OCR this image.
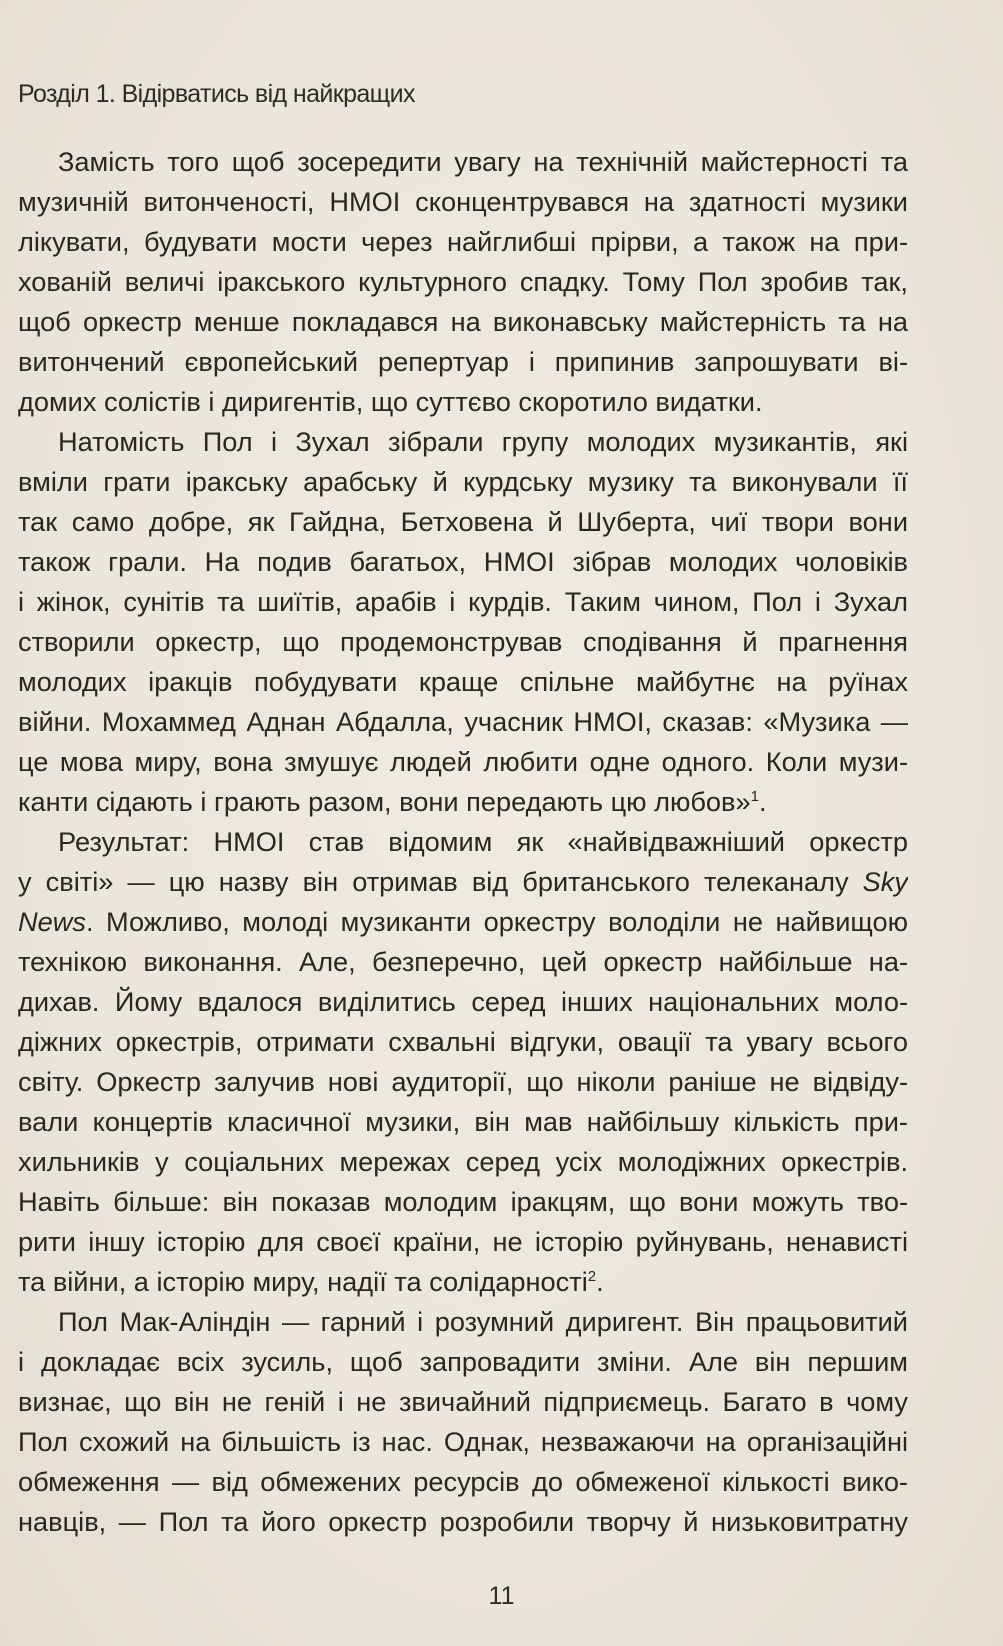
Розділ 1. Відірватись від найкращих
Замість того щоб зосередити увагу на технічній майстерності та
музичній витонченості, НМОІ сконцентрувався на здатності музики
лікувати, будувати мости через найглибші прірви, а також на при-
хованій величі іракського культурного спадку. Тому Пол зробив так,
щоб оркестр менше покладався на виконавську майстерність та на
витончений європейський репертуар і припинив запрошувати ві-
домих солістів і диригентів, що суттєво скоротило видатки.
Натомість Пол і Зухал зібрали групу молодих музикантів, які
вміли грати іракську арабську й курдську музику та виконували її
так само добре, як Гайдна, Бетховена й Шуберта, чиї твори вони
також грали. На подив багатьох, НМОІ зібрав молодих чоловіків
і жінок, сунітів та шиїтів, арабів і курдів. Таким чином, Пол і Зухал
створили оркестр, що продемонстрував сподівання й прагнення
молодих іракців побудувати краще спільне майбутнє на руїнах
війни. Мохаммед Аднан Абдалла, учасник НМОІ, сказав: «Музика —
це мова миру, вона змушує людей любити одне одного. Коли музи-
канти сідають і грають разом, вони передають цю любов»$^1$.
Результат: НМОІ став відомим як «найвідважніший оркестр
у світі» — цю назву він отримав від британського телеканалу Sky
News. Можливо, молоді музиканти оркестру володіли не найвищою
технікою виконання. Але, безперечно, цей оркестр найбільше на-
дихав. Йому вдалося виділитись серед інших національних моло-
діжних оркестрів, отримати схвальні відгуки, овації та увагу всього
світу. Оркестр залучив нові аудиторії, що ніколи раніше не відвіду-
вали концертів класичної музики, він мав найбільшу кількість при-
хильників у соціальних мережах серед усіх молодіжних оркестрів.
Навіть більше: він показав молодим іракцям, що вони можуть тво-
рити іншу історію для своєї країни, не історію руйнувань, ненависті
та війни, а історію миру, надії та солідарності$^2$.
Пол Мак-Аліндін — гарний і розумний диригент. Він працьовитий
і докладає всіх зусиль, щоб запровадити зміни. Але він першим
визнає, що він не геній і не звичайний підприємець. Багато в чому
Пол схожий на більшість із нас. Однак, незважаючи на організаційні
обмеження — від обмежених ресурсів до обмеженої кількості вико-
навців, — Пол та його оркестр розробили творчу й низьковитратну
11
